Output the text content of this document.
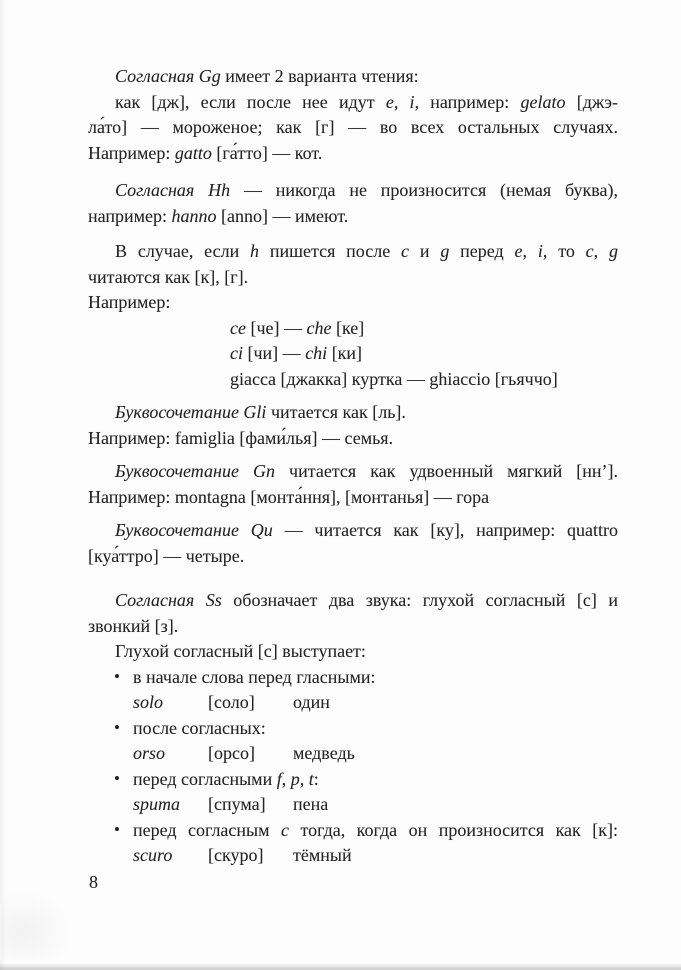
Согласная Gg имеет 2 варианта чтения:
как [дж], если после нее идут e, i, например: gelato [джэ-
ла́то] — мороженое; как [г] — во всех остальных случаях.
Например: gatto [га́тто] — кот.
Согласная Hh — никогда не произносится (немая буква),
например: hanno [anno] — имеют.
В случае, если h пишется после c и g перед e, i, то c, g
читаются как [к], [г].
Например:
ce [че] — che [ке]
ci [чи] — chi [ки]
giacca [джакка] куртка — ghiaccio [гьяччо]
Буквосочетание Gli читается как [ль].
Например: famiglia [фами́лья] — семья.
Буквосочетание Gn читается как удвоенный мягкий [нн’].
Например: montagna [монта́ння], [монтанья] — гора
Буквосочетание Qu — читается как [ку], например: quattro
[куа́ттро] — четыре.
Согласная Ss обозначает два звука: глухой согласный [с] и
звонкий [з].
Глухой согласный [с] выступает:
• в начале слова перед гласными:
solo [соло] один
• после согласных:
orso [орсо] медведь
• перед согласными f, p, t:
spuma [спума] пена
• перед согласным c тогда, когда он произносится как [к]:
scuro [скуро] тёмный
8
